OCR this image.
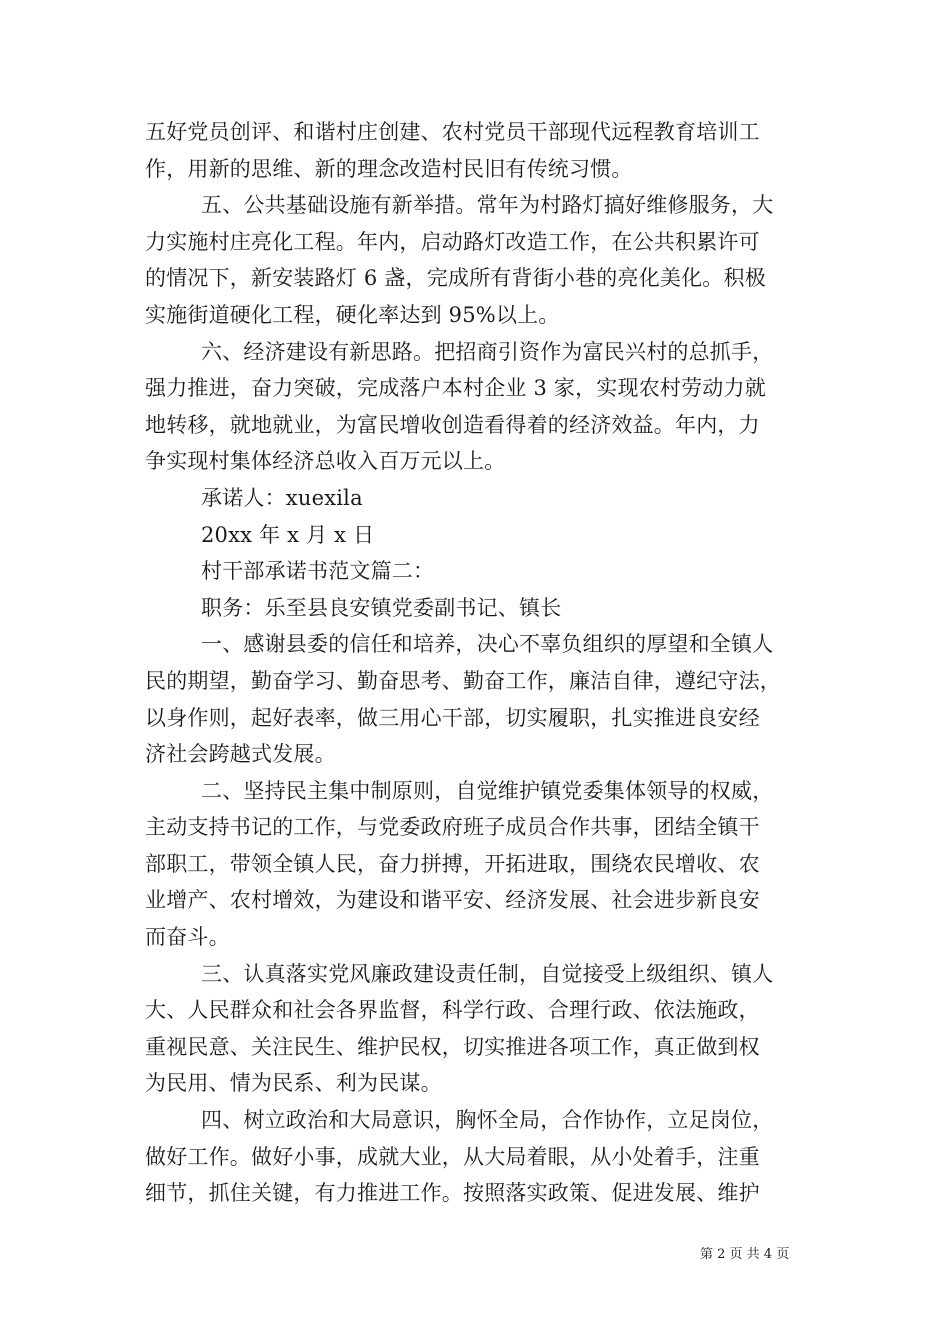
五好党员创评、和谐村庄创建、农村党员干部现代远程教育培训工
作，用新的思维、新的理念改造村民旧有传统习惯。
五、公共基础设施有新举措。常年为村路灯搞好维修服务，大
力实施村庄亮化工程。年内，启动路灯改造工作，在公共积累许可
的情况下，新安装路灯 6 盏，完成所有背街小巷的亮化美化。积极
实施街道硬化工程，硬化率达到 95%以上。
六、经济建设有新思路。把招商引资作为富民兴村的总抓手，
强力推进，奋力突破，完成落户本村企业 3 家，实现农村劳动力就
地转移，就地就业，为富民增收创造看得着的经济效益。年内，力
争实现村集体经济总收入百万元以上。
承诺人：xuexila
20xx 年 x 月 x 日
村干部承诺书范文篇二：
职务：乐至县良安镇党委副书记、镇长
一、感谢县委的信任和培养，决心不辜负组织的厚望和全镇人
民的期望，勤奋学习、勤奋思考、勤奋工作，廉洁自律，遵纪守法，
以身作则，起好表率，做三用心干部，切实履职，扎实推进良安经
济社会跨越式发展。
二、坚持民主集中制原则，自觉维护镇党委集体领导的权威，
主动支持书记的工作，与党委政府班子成员合作共事，团结全镇干
部职工，带领全镇人民，奋力拼搏，开拓进取，围绕农民增收、农
业增产、农村增效，为建设和谐平安、经济发展、社会进步新良安
而奋斗。
三、认真落实党风廉政建设责任制，自觉接受上级组织、镇人
大、人民群众和社会各界监督，科学行政、合理行政、依法施政，
重视民意、关注民生、维护民权，切实推进各项工作，真正做到权
为民用、情为民系、利为民谋。
四、树立政治和大局意识，胸怀全局，合作协作，立足岗位，
做好工作。做好小事，成就大业，从大局着眼，从小处着手，注重
细节，抓住关键，有力推进工作。按照落实政策、促进发展、维护
第 2 页 共 4 页
